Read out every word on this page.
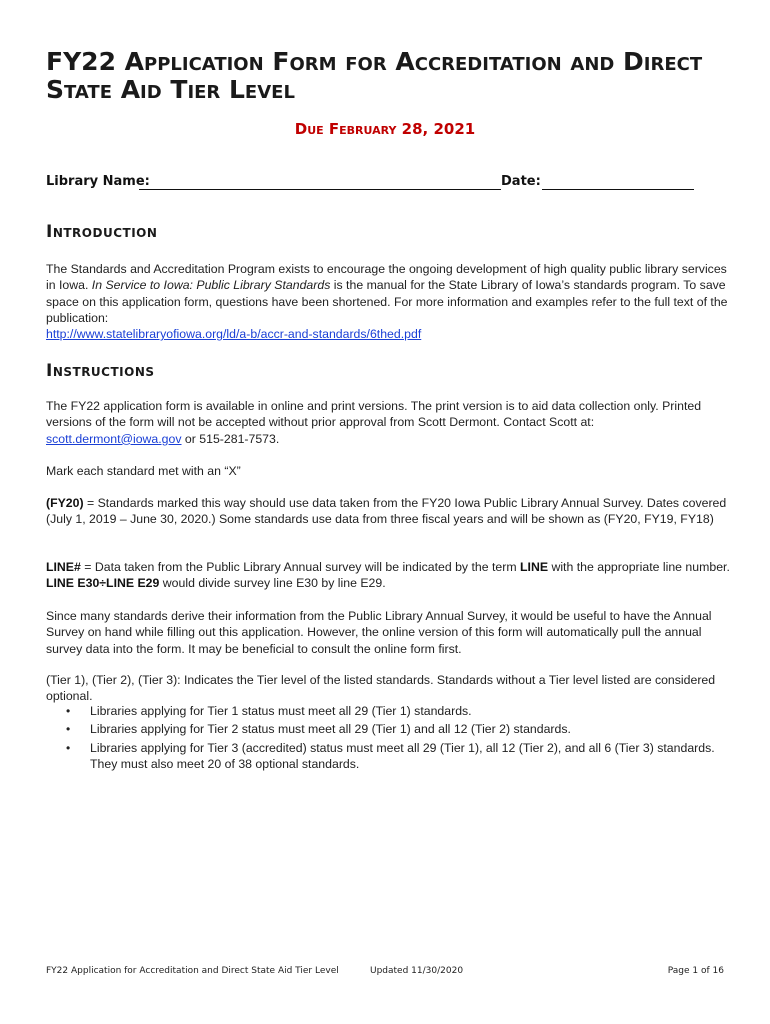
FY22 Application Form for Accreditation and Direct State Aid Tier Level
Due February 28, 2021
Library Name:	Date:
Introduction
The Standards and Accreditation Program exists to encourage the ongoing development of high quality public library services in Iowa. In Service to Iowa: Public Library Standards is the manual for the State Library of Iowa’s standards program. To save space on this application form, questions have been shortened. For more information and examples refer to the full text of the publication:
http://www.statelibraryofiowa.org/ld/a-b/accr-and-standards/6thed.pdf
Instructions
The FY22 application form is available in online and print versions. The print version is to aid data collection only. Printed versions of the form will not be accepted without prior approval from Scott Dermont. Contact Scott at: scott.dermont@iowa.gov or 515-281-7573.
Mark each standard met with an “X”
(FY20) = Standards marked this way should use data taken from the FY20 Iowa Public Library Annual Survey. Dates covered (July 1, 2019 – June 30, 2020.) Some standards use data from three fiscal years and will be shown as (FY20, FY19, FY18)
LINE# = Data taken from the Public Library Annual survey will be indicated by the term LINE with the appropriate line number. LINE E30÷LINE E29 would divide survey line E30 by line E29.
Since many standards derive their information from the Public Library Annual Survey, it would be useful to have the Annual Survey on hand while filling out this application. However, the online version of this form will automatically pull the annual survey data into the form. It may be beneficial to consult the online form first.
(Tier 1), (Tier 2), (Tier 3): Indicates the Tier level of the listed standards. Standards without a Tier level listed are considered optional.
• Libraries applying for Tier 1 status must meet all 29 (Tier 1) standards.
• Libraries applying for Tier 2 status must meet all 29 (Tier 1) and all 12 (Tier 2) standards.
• Libraries applying for Tier 3 (accredited) status must meet all 29 (Tier 1), all 12 (Tier 2), and all 6 (Tier 3) standards. They must also meet 20 of 38 optional standards.
FY22 Application for Accreditation and Direct State Aid Tier Level	Updated 11/30/2020	Page 1 of 16
